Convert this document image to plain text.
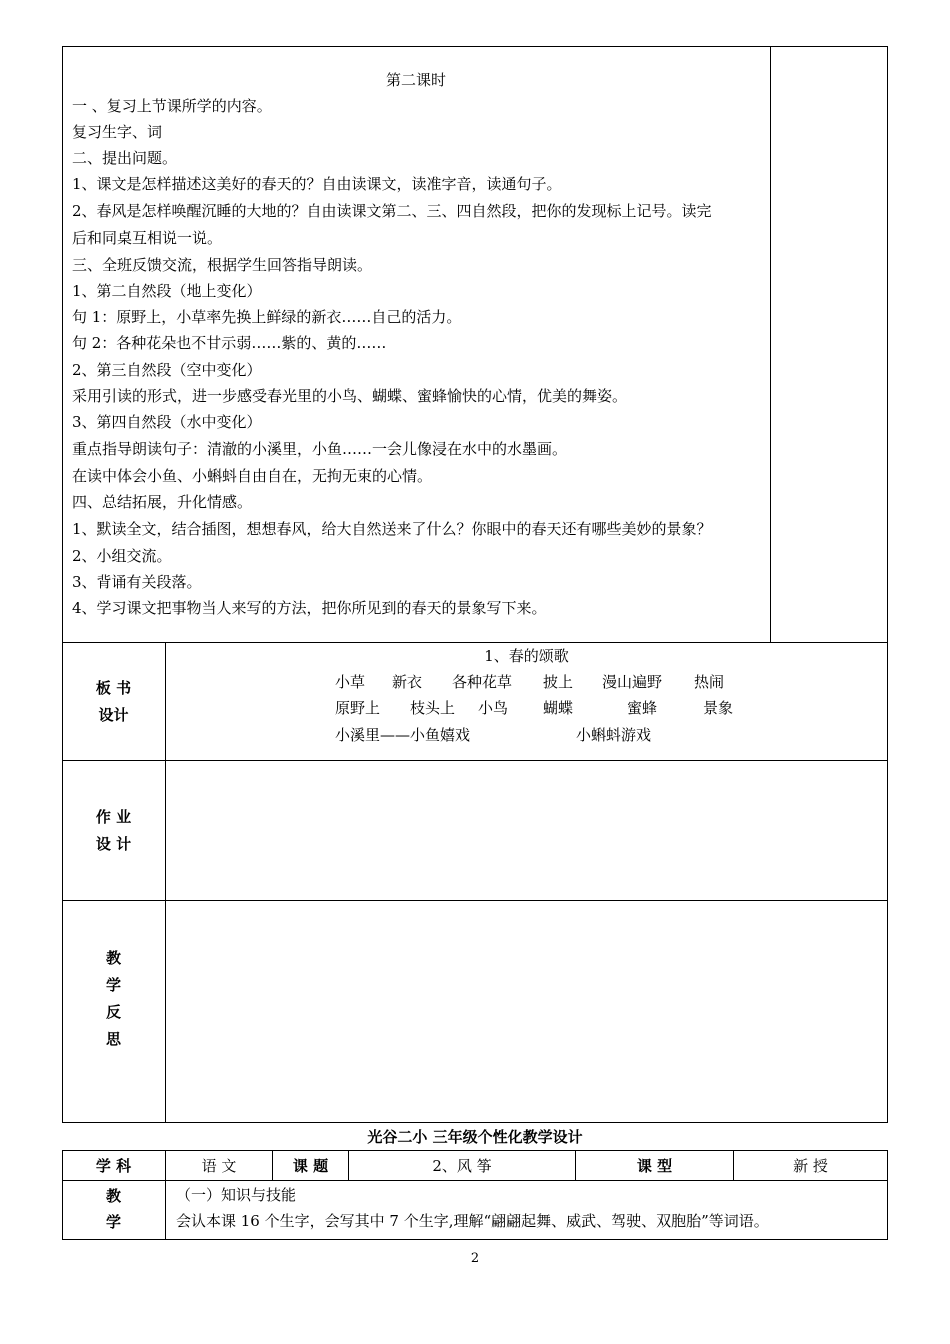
第二课时
一 、复习上节课所学的内容。
复习生字、词
二、提出问题。
1、课文是怎样描述这美好的春天的？自由读课文，读准字音，读通句子。
2、春风是怎样唤醒沉睡的大地的？自由读课文第二、三、四自然段，把你的发现标上记号。读完
后和同桌互相说一说。
三、全班反馈交流，根据学生回答指导朗读。
1、第二自然段（地上变化）
句 1：原野上，小草率先换上鲜绿的新衣……自己的活力。
句 2：各种花朵也不甘示弱……紫的、黄的……
2、第三自然段（空中变化）
采用引读的形式，进一步感受春光里的小鸟、蝴蝶、蜜蜂愉快的心情，优美的舞姿。
3、第四自然段（水中变化）
重点指导朗读句子：清澈的小溪里，小鱼……一会儿像浸在水中的水墨画。
在读中体会小鱼、小蝌蚪自由自在，无拘无束的心情。
四、总结拓展，升化情感。
1、默读全文，结合插图，想想春风，给大自然送来了什么？你眼中的春天还有哪些美妙的景象？
2、小组交流。
3、背诵有关段落。
4、学习课文把事物当人来写的方法，把你所见到的春天的景象写下来。
板 书
设计
1、春的颂歌
小草 新衣 各种花草 披上 漫山遍野 热闹
原野上 枝头上 小鸟 蝴蝶	蜜蜂	景象
小溪里——小鱼嬉戏	小蝌蚪游戏
作 业
设 计
教
学
反
思
光谷二小 三年级个性化教学设计
学 科	语 文	课 题	2、风 筝	课 型	新 授
教
学
（一）知识与技能
会认本课 16 个生字，会写其中 7 个生字,理解“翩翩起舞、威武、驾驶、双胞胎”等词语。
2
